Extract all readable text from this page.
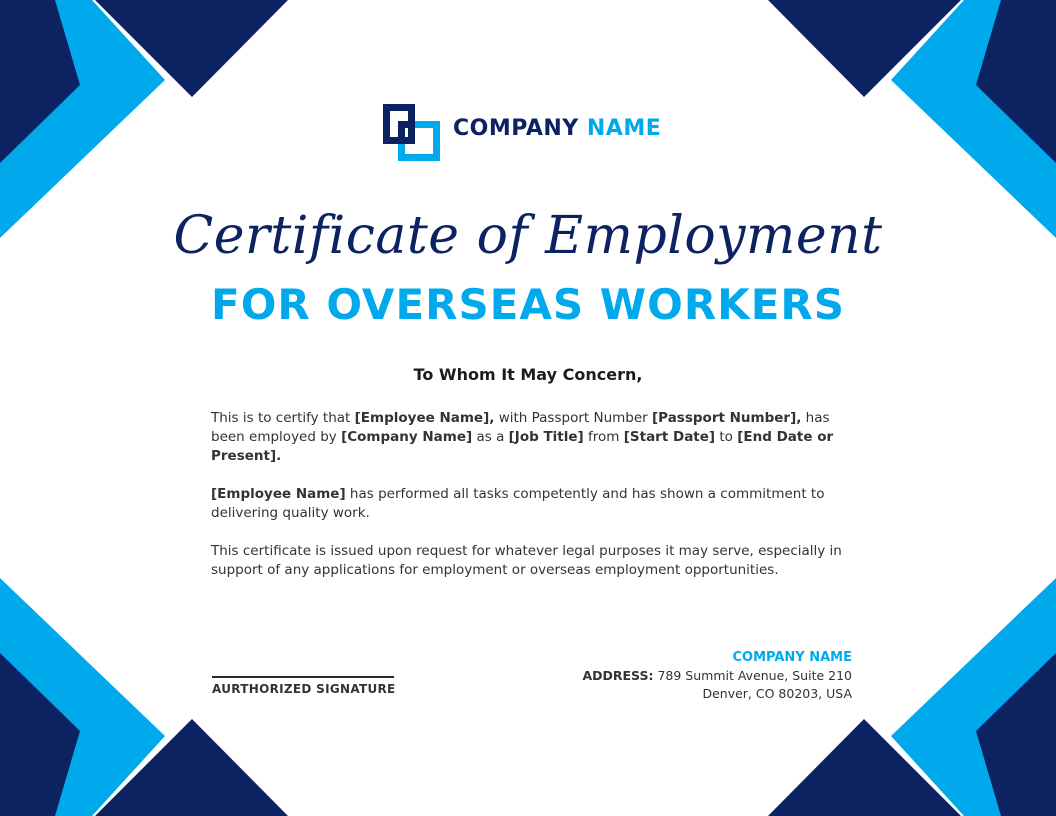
COMPANY NAME
Certificate of Employment
FOR OVERSEAS WORKERS
To Whom It May Concern,
This is to certify that [Employee Name], with Passport Number [Passport Number], has been employed by [Company Name] as a [Job Title] from [Start Date] to [End Date or Present].
[Employee Name] has performed all tasks competently and has shown a commitment to delivering quality work.
This certificate is issued upon request for whatever legal purposes it may serve, especially in support of any applications for employment or overseas employment opportunities.
AURTHORIZED SIGNATURE
COMPANY NAME
ADDRESS: 789 Summit Avenue, Suite 210
Denver, CO 80203, USA
